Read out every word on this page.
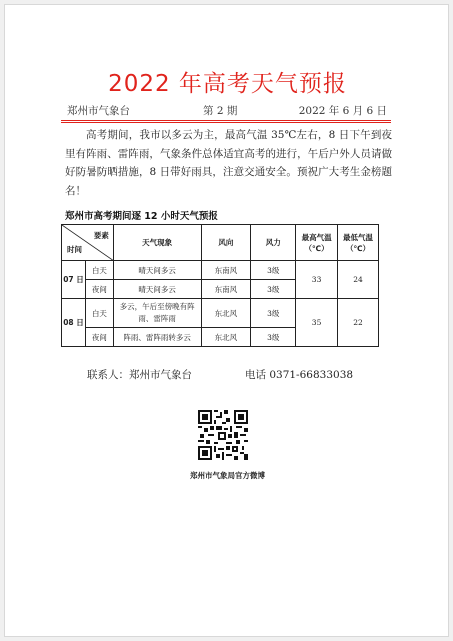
2022 年高考天气预报
郑州市气象台	第 2 期	2022 年 6 月 6 日

高考期间，我市以多云为主，最高气温 35℃左右，8 日下午到夜里有阵雨、雷阵雨，气象条件总体适宜高考的进行，午后户外人员请做好防暑防晒措施，8 日带好雨具，注意交通安全。预祝广大考生金榜题名！

郑州市高考期间逐 12 小时天气预报
要素
时间		天气现象	风向	风力	最高气温（℃）	最低气温（℃）
07 日	白天	晴天间多云	东南风	3级	33	24
	夜间	晴天间多云	东南风	3级		
08 日	白天	多云，午后至傍晚有阵雨、雷阵雨	东北风	3级	35	22
	夜间	阵雨、雷阵雨转多云	东北风	3级		
联系人：郑州市气象台	电话 0371-66833038
郑州市气象局官方微博
